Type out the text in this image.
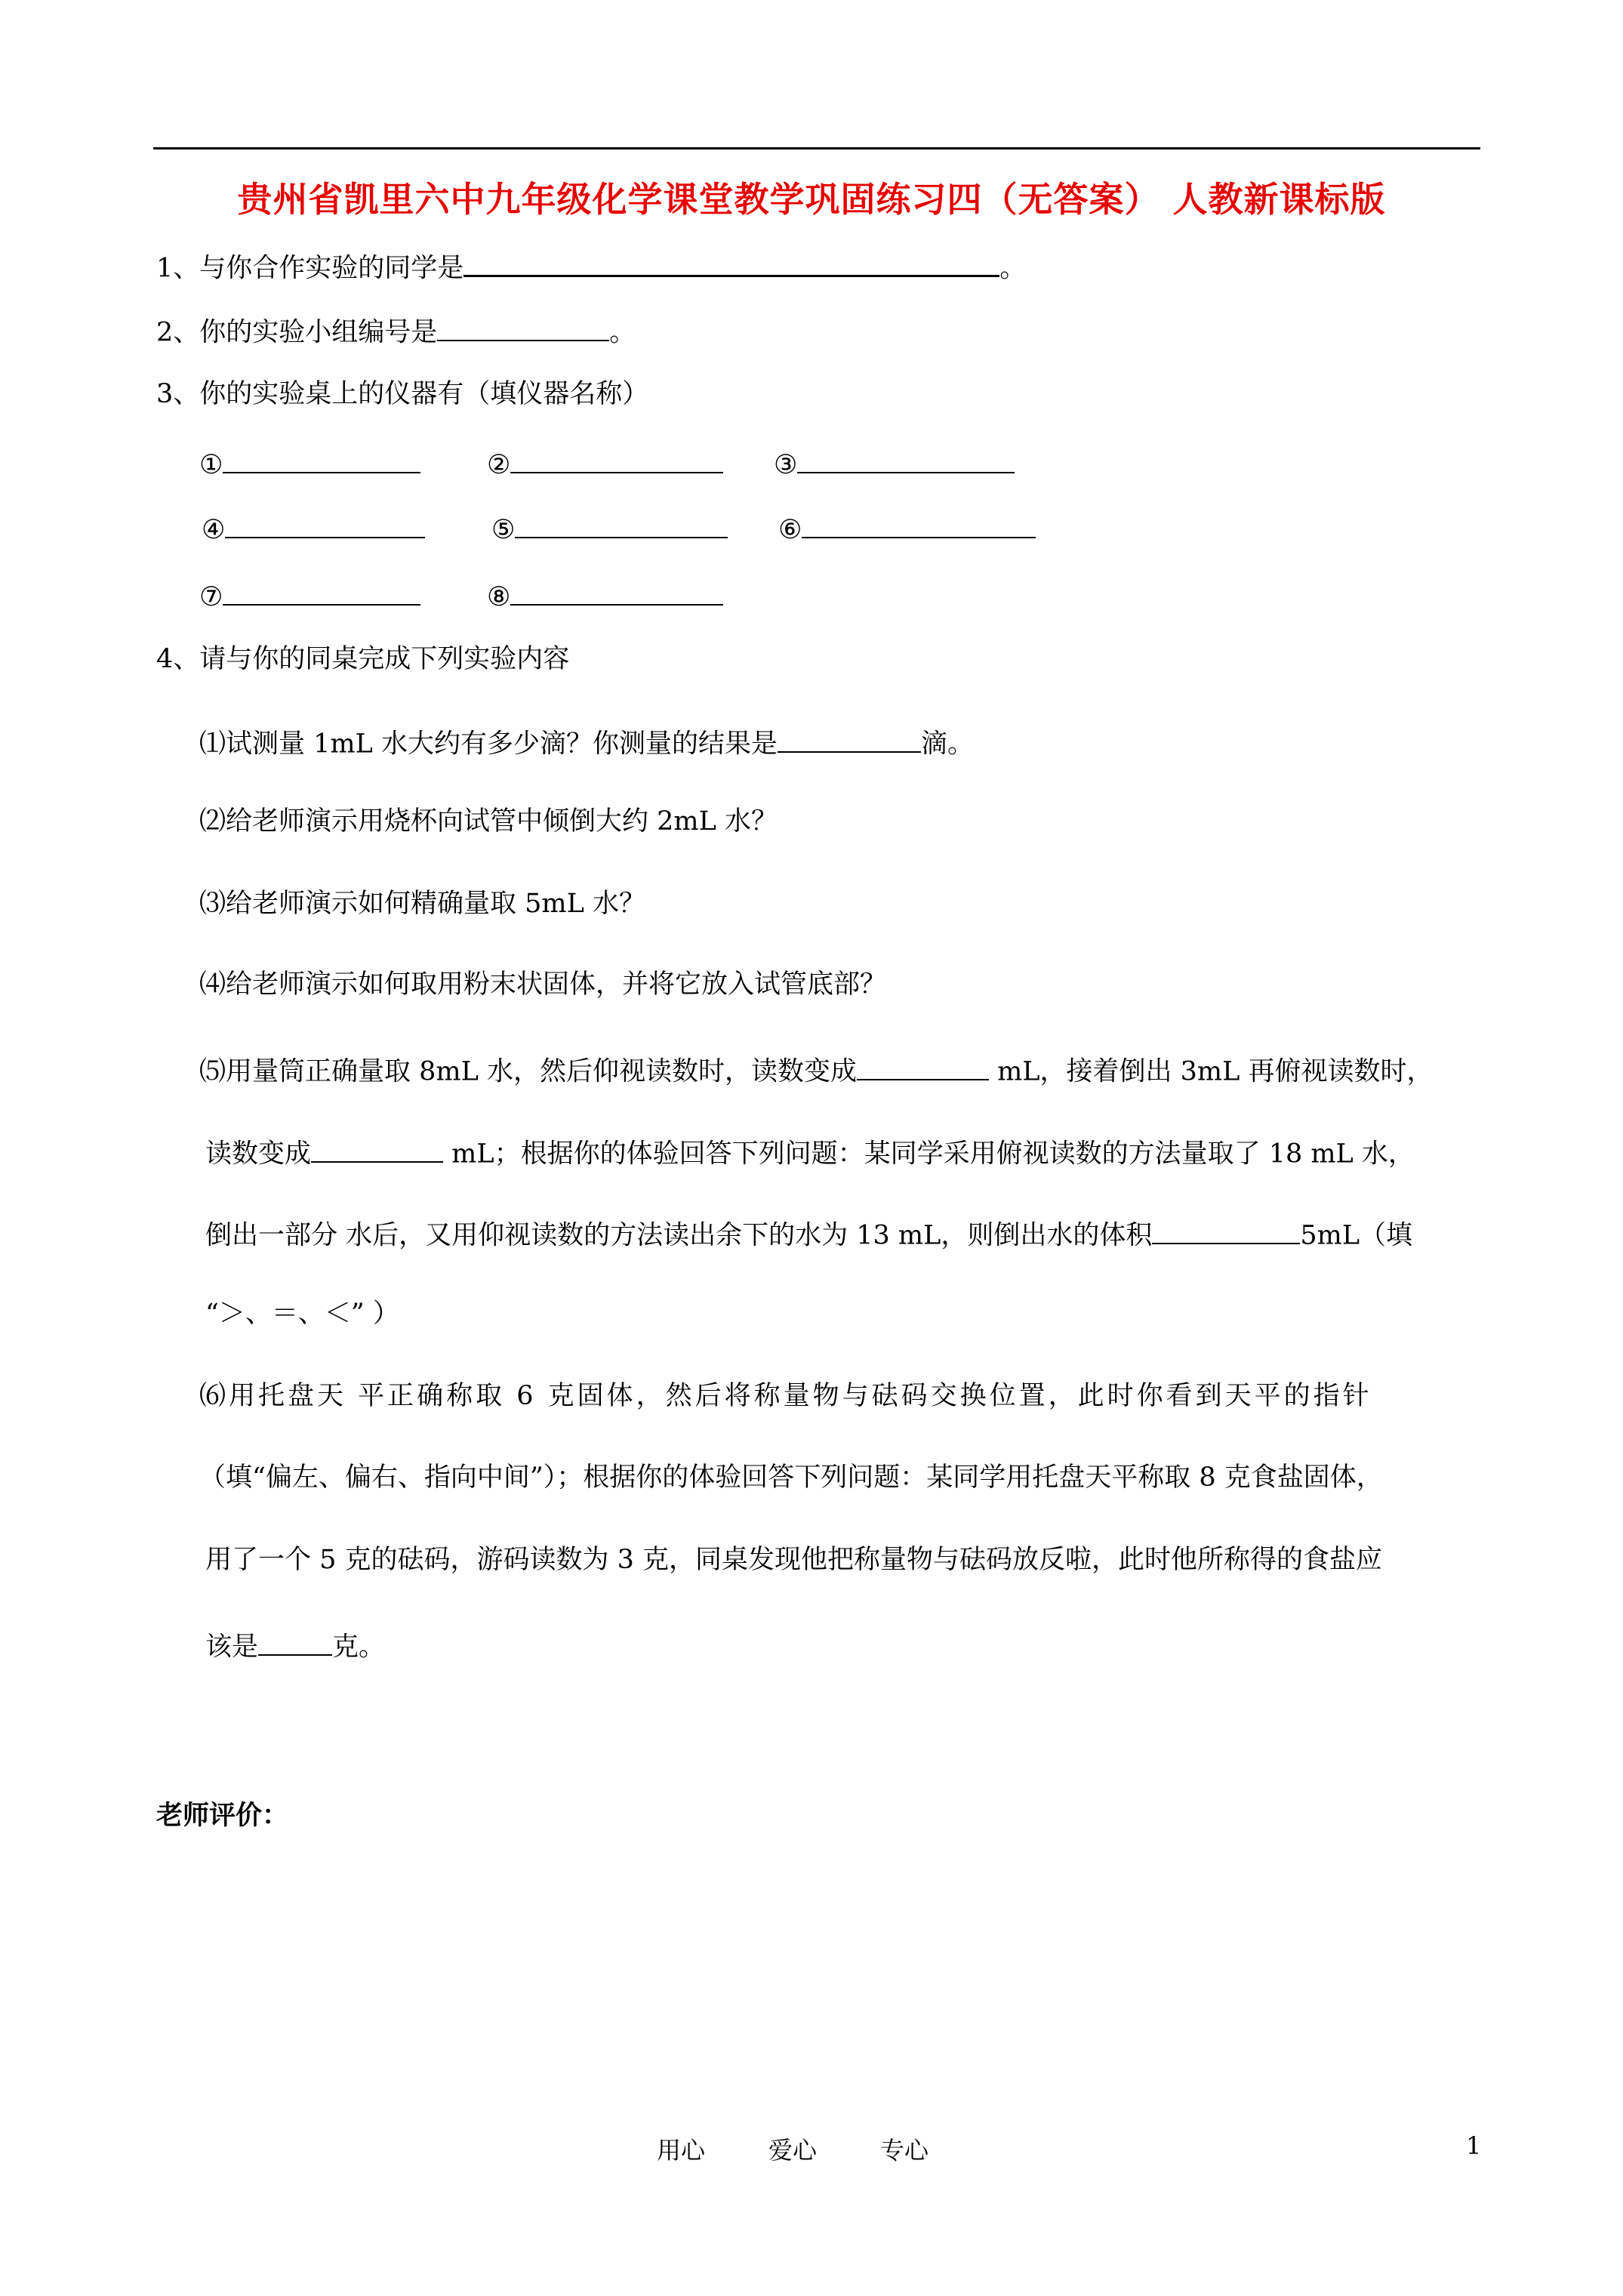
贵州省凯里六中九年级化学课堂教学巩固练习四（无答案） 人教新课标版
1、与你合作实验的同学是	。
2、你的实验小组编号是	。
3、你的实验桌上的仪器有（填仪器名称）
①	②	③
④	⑤	⑥
⑦	⑧
4、请与你的同桌完成下列实验内容
⑴试测量 1mL 水大约有多少滴？你测量的结果是	滴。
⑵给老师演示用烧杯向试管中倾倒大约 2mL 水？
⑶给老师演示如何精确量取 5mL 水？
⑷给老师演示如何取用粉末状固体，并将它放入试管底部？
⑸用量筒正确量取 8mL 水，然后仰视读数时，读数变成	mL，接着倒出 3mL 再俯视读数时，
读数变成	mL；根据你的体验回答下列问题：某同学采用俯视读数的方法量取了 18 mL 水，
倒出一部分 水后，又用仰视读数的方法读出余下的水为 13 mL，则倒出水的体积	5mL（填
“＞、＝、＜” ）
⑹用托盘天 平正确称取 6 克固体，然后将称量物与砝码交换位置，此时你看到天平的指针
（填“偏左、偏右、指向中间”）；根据你的体验回答下列问题：某同学用托盘天平称取 8 克食盐固体，
用了一个 5 克的砝码，游码读数为 3 克，同桌发现他把称量物与砝码放反啦，此时他所称得的食盐应
该是	克。
老师评价：
用心	爱心	专心	1
